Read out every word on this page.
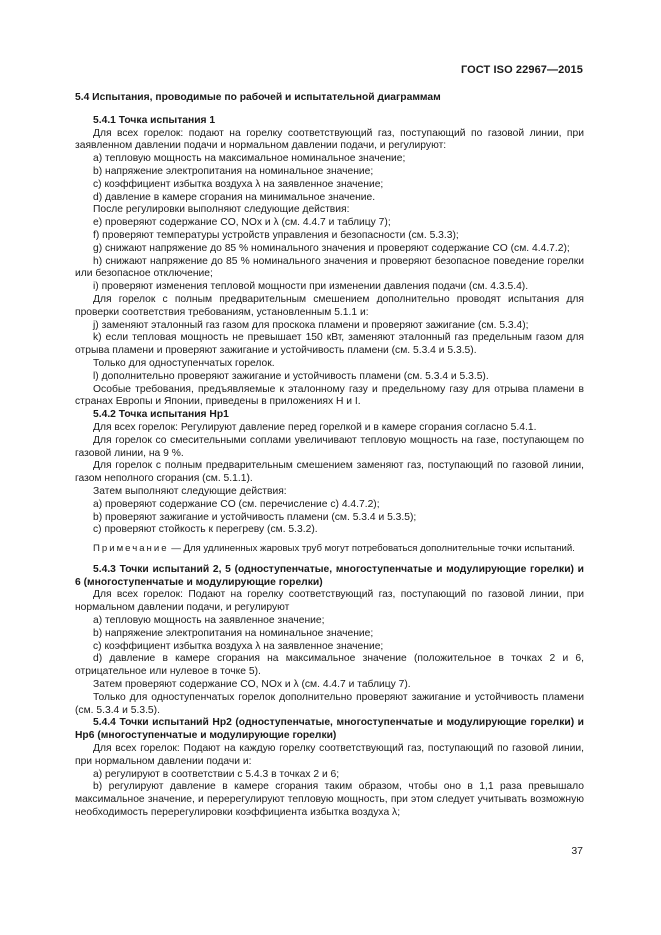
ГОСТ ISO 22967—2015

5.4 Испытания, проводимые по рабочей и испытательной диаграммам

5.4.1 Точка испытания 1

Для всех горелок: подают на горелку соответствующий газ, поступающий по газовой линии, при заявленном давлении подачи и нормальном давлении подачи, и регулируют:

a) тепловую мощность на максимальное номинальное значение;

b) напряжение электропитания на номинальное значение;

c) коэффициент избытка воздуха λ на заявленное значение;

d) давление в камере сгорания на минимальное значение.

После регулировки выполняют следующие действия:

e) проверяют содержание CO, NOx и λ (см. 4.4.7 и таблицу 7);

f) проверяют температуры устройств управления и безопасности (см. 5.3.3);

g) снижают напряжение до 85 % номинального значения и проверяют содержание CO (см. 4.4.7.2);

h) снижают напряжение до 85 % номинального значения и проверяют безопасное поведение горелки или безопасное отключение;

i) проверяют изменения тепловой мощности при изменении давления подачи (см. 4.3.5.4).

Для горелок с полным предварительным смешением дополнительно проводят испытания для проверки соответствия требованиям, установленным 5.1.1 и:

j) заменяют эталонный газ газом для проскока пламени и проверяют зажигание (см. 5.3.4);

k) если тепловая мощность не превышает 150 кВт, заменяют эталонный газ предельным газом для отрыва пламени и проверяют зажигание и устойчивость пламени (см. 5.3.4 и 5.3.5).

Только для одноступенчатых горелок.

l) дополнительно проверяют зажигание и устойчивость пламени (см. 5.3.4 и 5.3.5).

Особые требования, предъявляемые к эталонному газу и предельному газу для отрыва пламени в странах Европы и Японии, приведены в приложениях H и I.

5.4.2 Точка испытания Hp1

Для всех горелок: Регулируют давление перед горелкой и в камере сгорания согласно 5.4.1.

Для горелок со смесительными соплами увеличивают тепловую мощность на газе, поступающем по газовой линии, на 9 %.

Для горелок с полным предварительным смешением заменяют газ, поступающий по газовой линии, газом неполного сгорания (см. 5.1.1).

Затем выполняют следующие действия:

a) проверяют содержание CO (см. перечисление c) 4.4.7.2);

b) проверяют зажигание и устойчивость пламени (см. 5.3.4 и 5.3.5);

c) проверяют стойкость к перегреву (см. 5.3.2).

Примечание — Для удлиненных жаровых труб могут потребоваться дополнительные точки испытаний.

5.4.3 Точки испытаний 2, 5 (одноступенчатые, многоступенчатые и модулирующие горелки) и 6 (многоступенчатые и модулирующие горелки)

Для всех горелок: Подают на горелку соответствующий газ, поступающий по газовой линии, при нормальном давлении подачи, и регулируют

a) тепловую мощность на заявленное значение;

b) напряжение электропитания на номинальное значение;

c) коэффициент избытка воздуха λ на заявленное значение;

d) давление в камере сгорания на максимальное значение (положительное в точках 2 и 6, отрицательное или нулевое в точке 5).

Затем проверяют содержание CO, NOx и λ (см. 4.4.7 и таблицу 7).

Только для одноступенчатых горелок дополнительно проверяют зажигание и устойчивость пламени (см. 5.3.4 и 5.3.5).

5.4.4 Точки испытаний Hp2 (одноступенчатые, многоступенчатые и модулирующие горелки) и Hp6 (многоступенчатые и модулирующие горелки)

Для всех горелок: Подают на каждую горелку соответствующий газ, поступающий по газовой линии, при нормальном давлении подачи и:

a) регулируют в соответствии с 5.4.3 в точках 2 и 6;

b) регулируют давление в камере сгорания таким образом, чтобы оно в 1,1 раза превышало максимальное значение, и перерегулируют тепловую мощность, при этом следует учитывать возможную необходимость перерегулировки коэффициента избытка воздуха λ;

37
